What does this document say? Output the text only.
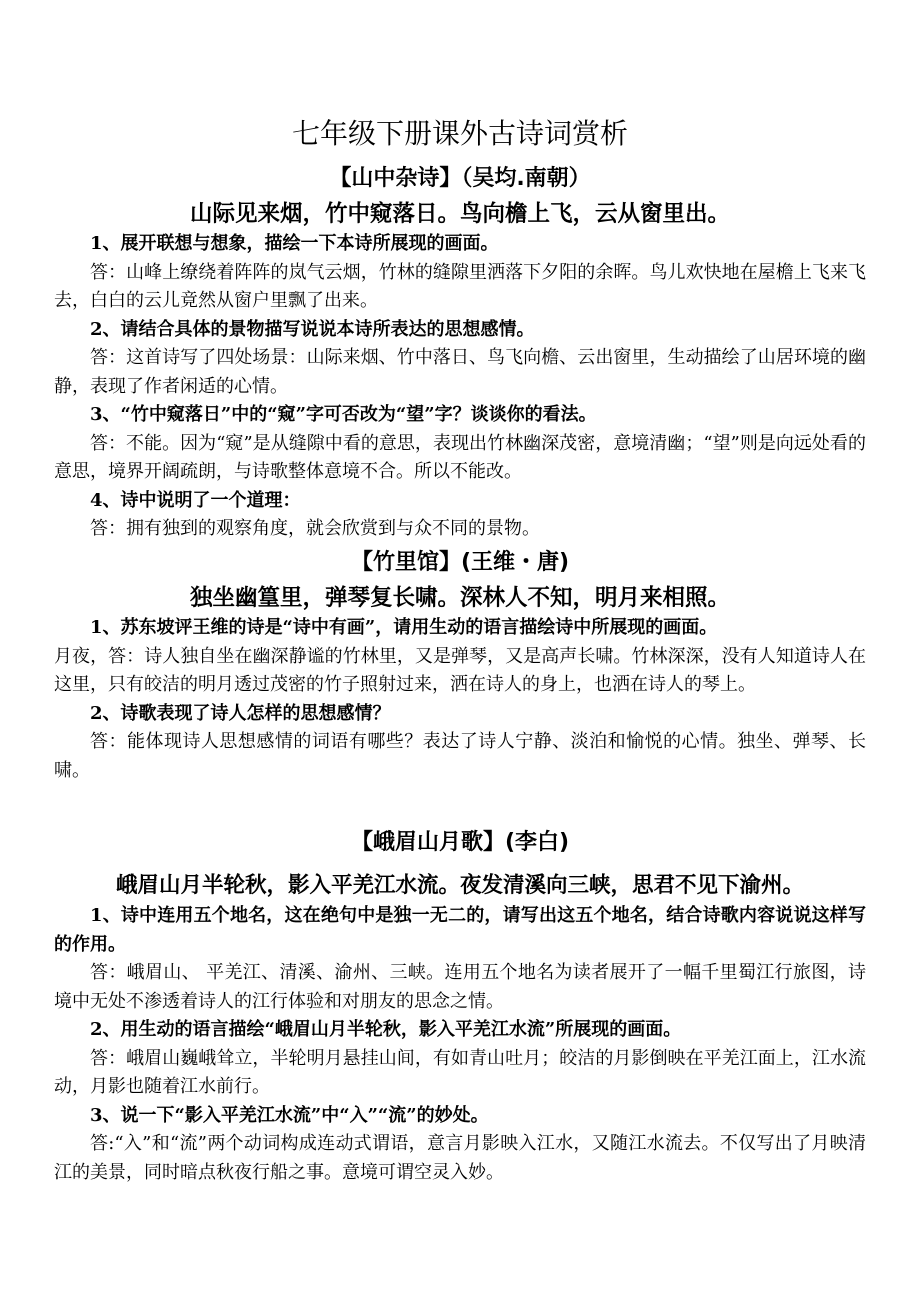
七年级下册课外古诗词赏析
【山中杂诗】（吴均.南朝）
山际见来烟，竹中窥落日。鸟向檐上飞，云从窗里出。

1、展开联想与想象，描绘一下本诗所展现的画面。

答：山峰上缭绕着阵阵的岚气云烟，竹林的缝隙里洒落下夕阳的余晖。鸟儿欢快地在屋檐上飞来飞去，白白的云儿竟然从窗户里飘了出来。

2、请结合具体的景物描写说说本诗所表达的思想感情。

答：这首诗写了四处场景：山际来烟、竹中落日、鸟飞向檐、云出窗里，生动描绘了山居环境的幽静，表现了作者闲适的心情。

3、“竹中窥落日”中的“窥”字可否改为“望”字？谈谈你的看法。

答：不能。因为“窥”是从缝隙中看的意思，表现出竹林幽深茂密，意境清幽；“望”则是向远处看的意思，境界开阔疏朗，与诗歌整体意境不合。所以不能改。

4、诗中说明了一个道理：

答：拥有独到的观察角度，就会欣赏到与众不同的景物。

【竹里馆】(王维・唐)
独坐幽篁里，弹琴复长啸。深林人不知，明月来相照。

1、苏东坡评王维的诗是“诗中有画”，请用生动的语言描绘诗中所展现的画面。

月夜，答：诗人独自坐在幽深静谧的竹林里，又是弹琴，又是高声长啸。竹林深深，没有人知道诗人在这里，只有皎洁的明月透过茂密的竹子照射过来，洒在诗人的身上，也洒在诗人的琴上。

2、诗歌表现了诗人怎样的思想感情？

答：能体现诗人思想感情的词语有哪些？表达了诗人宁静、淡泊和愉悦的心情。独坐、弹琴、长啸。

【峨眉山月歌】(李白)
峨眉山月半轮秋，影入平羌江水流。夜发清溪向三峡，思君不见下渝州。

1、诗中连用五个地名，这在绝句中是独一无二的，请写出这五个地名，结合诗歌内容说说这样写的作用。

答：峨眉山、 平羌江、清溪、渝州、三峡。连用五个地名为读者展开了一幅千里蜀江行旅图，诗境中无处不渗透着诗人的江行体验和对朋友的思念之情。

2、用生动的语言描绘“峨眉山月半轮秋，影入平羌江水流”所展现的画面。

答：峨眉山巍峨耸立，半轮明月悬挂山间，有如青山吐月；皎洁的月影倒映在平羌江面上，江水流动，月影也随着江水前行。

3、说一下“影入平羌江水流”中“入”“流”的妙处。

答:“入”和“流”两个动词构成连动式谓语，意言月影映入江水，又随江水流去。不仅写出了月映清江的美景，同时暗点秋夜行船之事。意境可谓空灵入妙。
